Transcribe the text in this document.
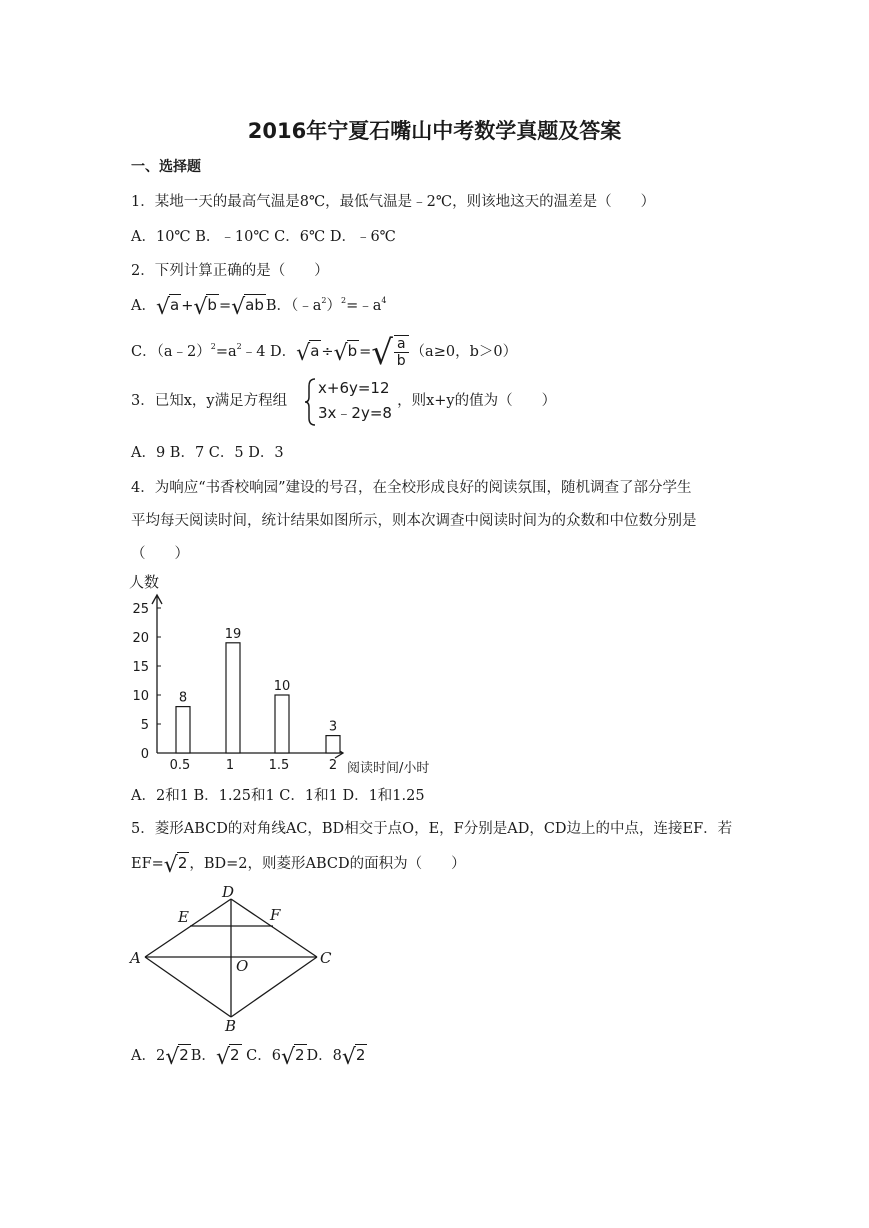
2016年宁夏石嘴山中考数学真题及答案
一、选择题
1．某地一天的最高气温是8℃，最低气温是﹣2℃，则该地这天的温差是（　　）
A．10℃ B．﹣10℃ C．6℃ D．﹣6℃
2．下列计算正确的是（　　）
A．√a +√b =√ab B．$(﹣a^2)^2=﹣a^4$
C．$(a﹣2)^2=a^2﹣4$ D．√a ÷√b =√ $\frac{a}{b} (a\ge 0$，b＞0）
3．已知x，y满足方程组	，则x+y的值为（　　）
x+6y=12
3x﹣2y=8
A．9 B．7 C．5 D．3
4．为响应“书香校响园”建设的号召，在全校形成良好的阅读氛围，随机调查了部分学生
平均每天阅读时间，统计结果如图所示，则本次调查中阅读时间为的众数和中位数分别是
（　　）
人数
阅读时间/小时
0
5
10
15
20
25
8
0.5
19
1
10
1.5
3
2
A．2和1 B．1.25和1 C．1和1 D．1和1.25
5．菱形ABCD的对角线AC，BD相交于点O，E，F分别是AD，CD边上的中点，连接EF．若
EF=√2 ，BD=2，则菱形ABCD的面积为（　　）
A
D
C
B
E	F
O
A．2√2 B．√2 C．6√2 D．8√2
